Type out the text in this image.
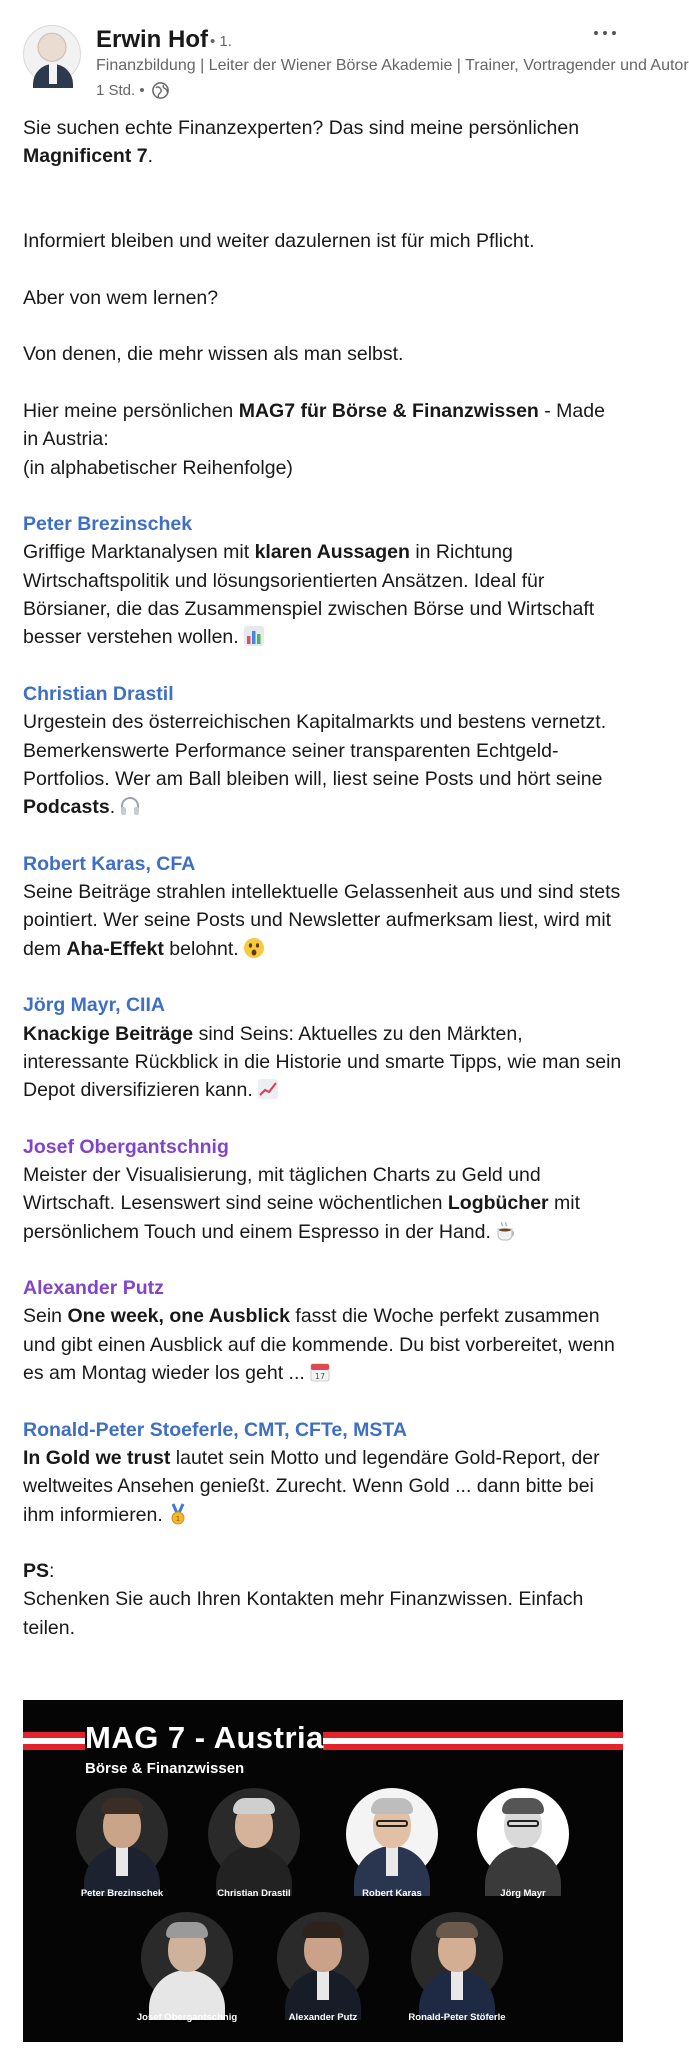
Erwin Hof • 1.
Finanzbildung | Leiter der Wiener Börse Akademie | Trainer, Vortragender und Autor
1 Std. •

Sie suchen echte Finanzexperten? Das sind meine persönlichen Magnificent 7.

Informiert bleiben und weiter dazulernen ist für mich Pflicht.

Aber von wem lernen?

Von denen, die mehr wissen als man selbst.

Hier meine persönlichen MAG7 für Börse & Finanzwissen - Made in Austria:

(in alphabetischer Reihenfolge)

Peter Brezinschek

Griffige Marktanalysen mit klaren Aussagen in Richtung Wirtschaftspolitik und lösungsorientierten Ansätzen. Ideal für Börsianer, die das Zusammenspiel zwischen Börse und Wirtschaft besser verstehen wollen.

Christian Drastil

Urgestein des österreichischen Kapitalmarkts und bestens vernetzt. Bemerkenswerte Performance seiner transparenten Echtgeld-Portfolios. Wer am Ball bleiben will, liest seine Posts und hört seine Podcasts.

Robert Karas, CFA

Seine Beiträge strahlen intellektuelle Gelassenheit aus und sind stets pointiert. Wer seine Posts und Newsletter aufmerksam liest, wird mit dem Aha-Effekt belohnt.

Jörg Mayr, CIIA

Knackige Beiträge sind Seins: Aktuelles zu den Märkten, interessante Rückblick in die Historie und smarte Tipps, wie man sein Depot diversifizieren kann.

Josef Obergantschnig

Meister der Visualisierung, mit täglichen Charts zu Geld und Wirtschaft. Lesenswert sind seine wöchentlichen Logbücher mit persönlichem Touch und einem Espresso in der Hand.

Alexander Putz

Sein One week, one Ausblick fasst die Woche perfekt zusammen und gibt einen Ausblick auf die kommende. Du bist vorbereitet, wenn es am Montag wieder los geht ... 17

Ronald-Peter Stoeferle, CMT, CFTe, MSTA

In Gold we trust lautet sein Motto und legendäre Gold-Report, der weltweites Ansehen genießt. Zurecht. Wenn Gold ... dann bitte bei ihm informieren. 1

PS:

Schenken Sie auch Ihren Kontakten mehr Finanzwissen. Einfach teilen.

MAG 7 - Austria
Börse & Finanzwissen
Peter Brezinschek	Christian Drastil	Robert Karas	Jörg Mayr
Josef Obergantschnig	Alexander Putz	Ronald-Peter Stöferle
